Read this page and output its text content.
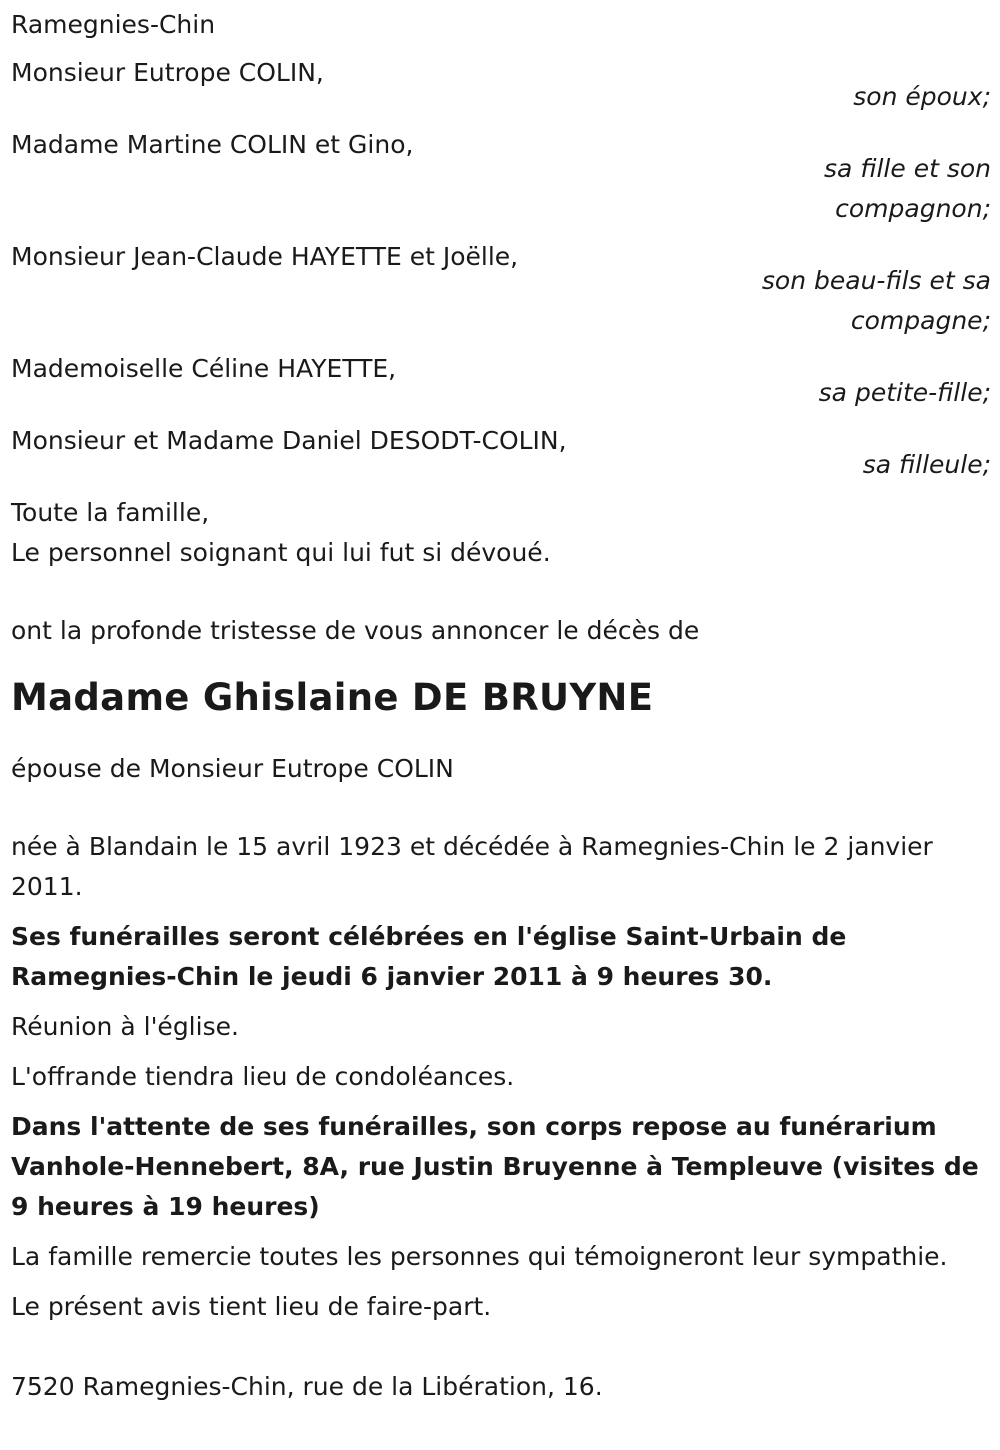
Ramegnies-Chin
Monsieur Eutrope COLIN,
son époux;
Madame Martine COLIN et Gino,
sa fille et son compagnon;
Monsieur Jean-Claude HAYETTE et Joëlle,
son beau-fils et sa compagne;
Mademoiselle Céline HAYETTE,
sa petite-fille;
Monsieur et Madame Daniel DESODT-COLIN,
sa filleule;
Toute la famille,
Le personnel soignant qui lui fut si dévoué.
ont la profonde tristesse de vous annoncer le décès de
Madame Ghislaine DE BRUYNE
épouse de Monsieur Eutrope COLIN
née à Blandain le 15 avril 1923 et décédée à Ramegnies-Chin le 2 janvier 2011.
Ses funérailles seront célébrées en l'église Saint-Urbain de Ramegnies-Chin le jeudi 6 janvier 2011 à 9 heures 30.
Réunion à l'église.
L'offrande tiendra lieu de condoléances.
Dans l'attente de ses funérailles, son corps repose au funérarium Vanhole-Hennebert, 8A, rue Justin Bruyenne à Templeuve (visites de 9 heures à 19 heures)
La famille remercie toutes les personnes qui témoigneront leur sympathie.
Le présent avis tient lieu de faire-part.
7520 Ramegnies-Chin, rue de la Libération, 16.
